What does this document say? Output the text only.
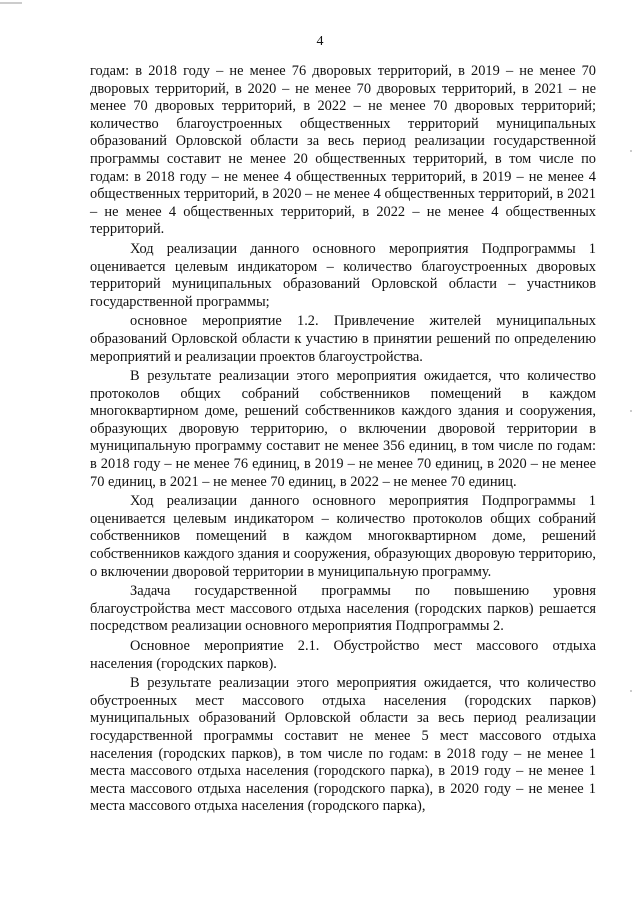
4

годам: в 2018 году – не менее 76 дворовых территорий, в 2019 – не менее 70 дворовых территорий, в 2020 – не менее 70 дворовых территорий, в 2021 – не менее 70 дворовых территорий, в 2022 – не менее 70 дворовых территорий; количество благоустроенных общественных территорий муниципальных образований Орловской области за весь период реализации государственной программы составит не менее 20 общественных территорий, в том числе по годам: в 2018 году – не менее 4 общественных территорий, в 2019 – не менее 4 общественных территорий, в 2020 – не менее 4 общественных территорий, в 2021 – не менее 4 общественных территорий, в 2022 – не менее 4 общественных территорий.

Ход реализации данного основного мероприятия Подпрограммы 1 оценивается целевым индикатором – количество благоустроенных дворовых территорий муниципальных образований Орловской области – участников государственной программы;

основное мероприятие 1.2. Привлечение жителей муниципальных образований Орловской области к участию в принятии решений по определению мероприятий и реализации проектов благоустройства.

В результате реализации этого мероприятия ожидается, что количество протоколов общих собраний собственников помещений в каждом многоквартирном доме, решений собственников каждого здания и сооружения, образующих дворовую территорию, о включении дворовой территории в муниципальную программу составит не менее 356 единиц, в том числе по годам: в 2018 году – не менее 76 единиц, в 2019 – не менее 70 единиц, в 2020 – не менее 70 единиц, в 2021 – не менее 70 единиц, в 2022 – не менее 70 единиц.

Ход реализации данного основного мероприятия Подпрограммы 1 оценивается целевым индикатором – количество протоколов общих собраний собственников помещений в каждом многоквартирном доме, решений собственников каждого здания и сооружения, образующих дворовую территорию, о включении дворовой территории в муниципальную программу.

Задача государственной программы по повышению уровня благоустройства мест массового отдыха населения (городских парков) решается посредством реализации основного мероприятия Подпрограммы 2.

Основное мероприятие 2.1. Обустройство мест массового отдыха населения (городских парков).

В результате реализации этого мероприятия ожидается, что количество обустроенных мест массового отдыха населения (городских парков) муниципальных образований Орловской области за весь период реализации государственной программы составит не менее 5 мест массового отдыха населения (городских парков), в том числе по годам: в 2018 году – не менее 1 места массового отдыха населения (городского парка), в 2019 году – не менее 1 места массового отдыха населения (городского парка), в 2020 году – не менее 1 места массового отдыха населения (городского парка),
